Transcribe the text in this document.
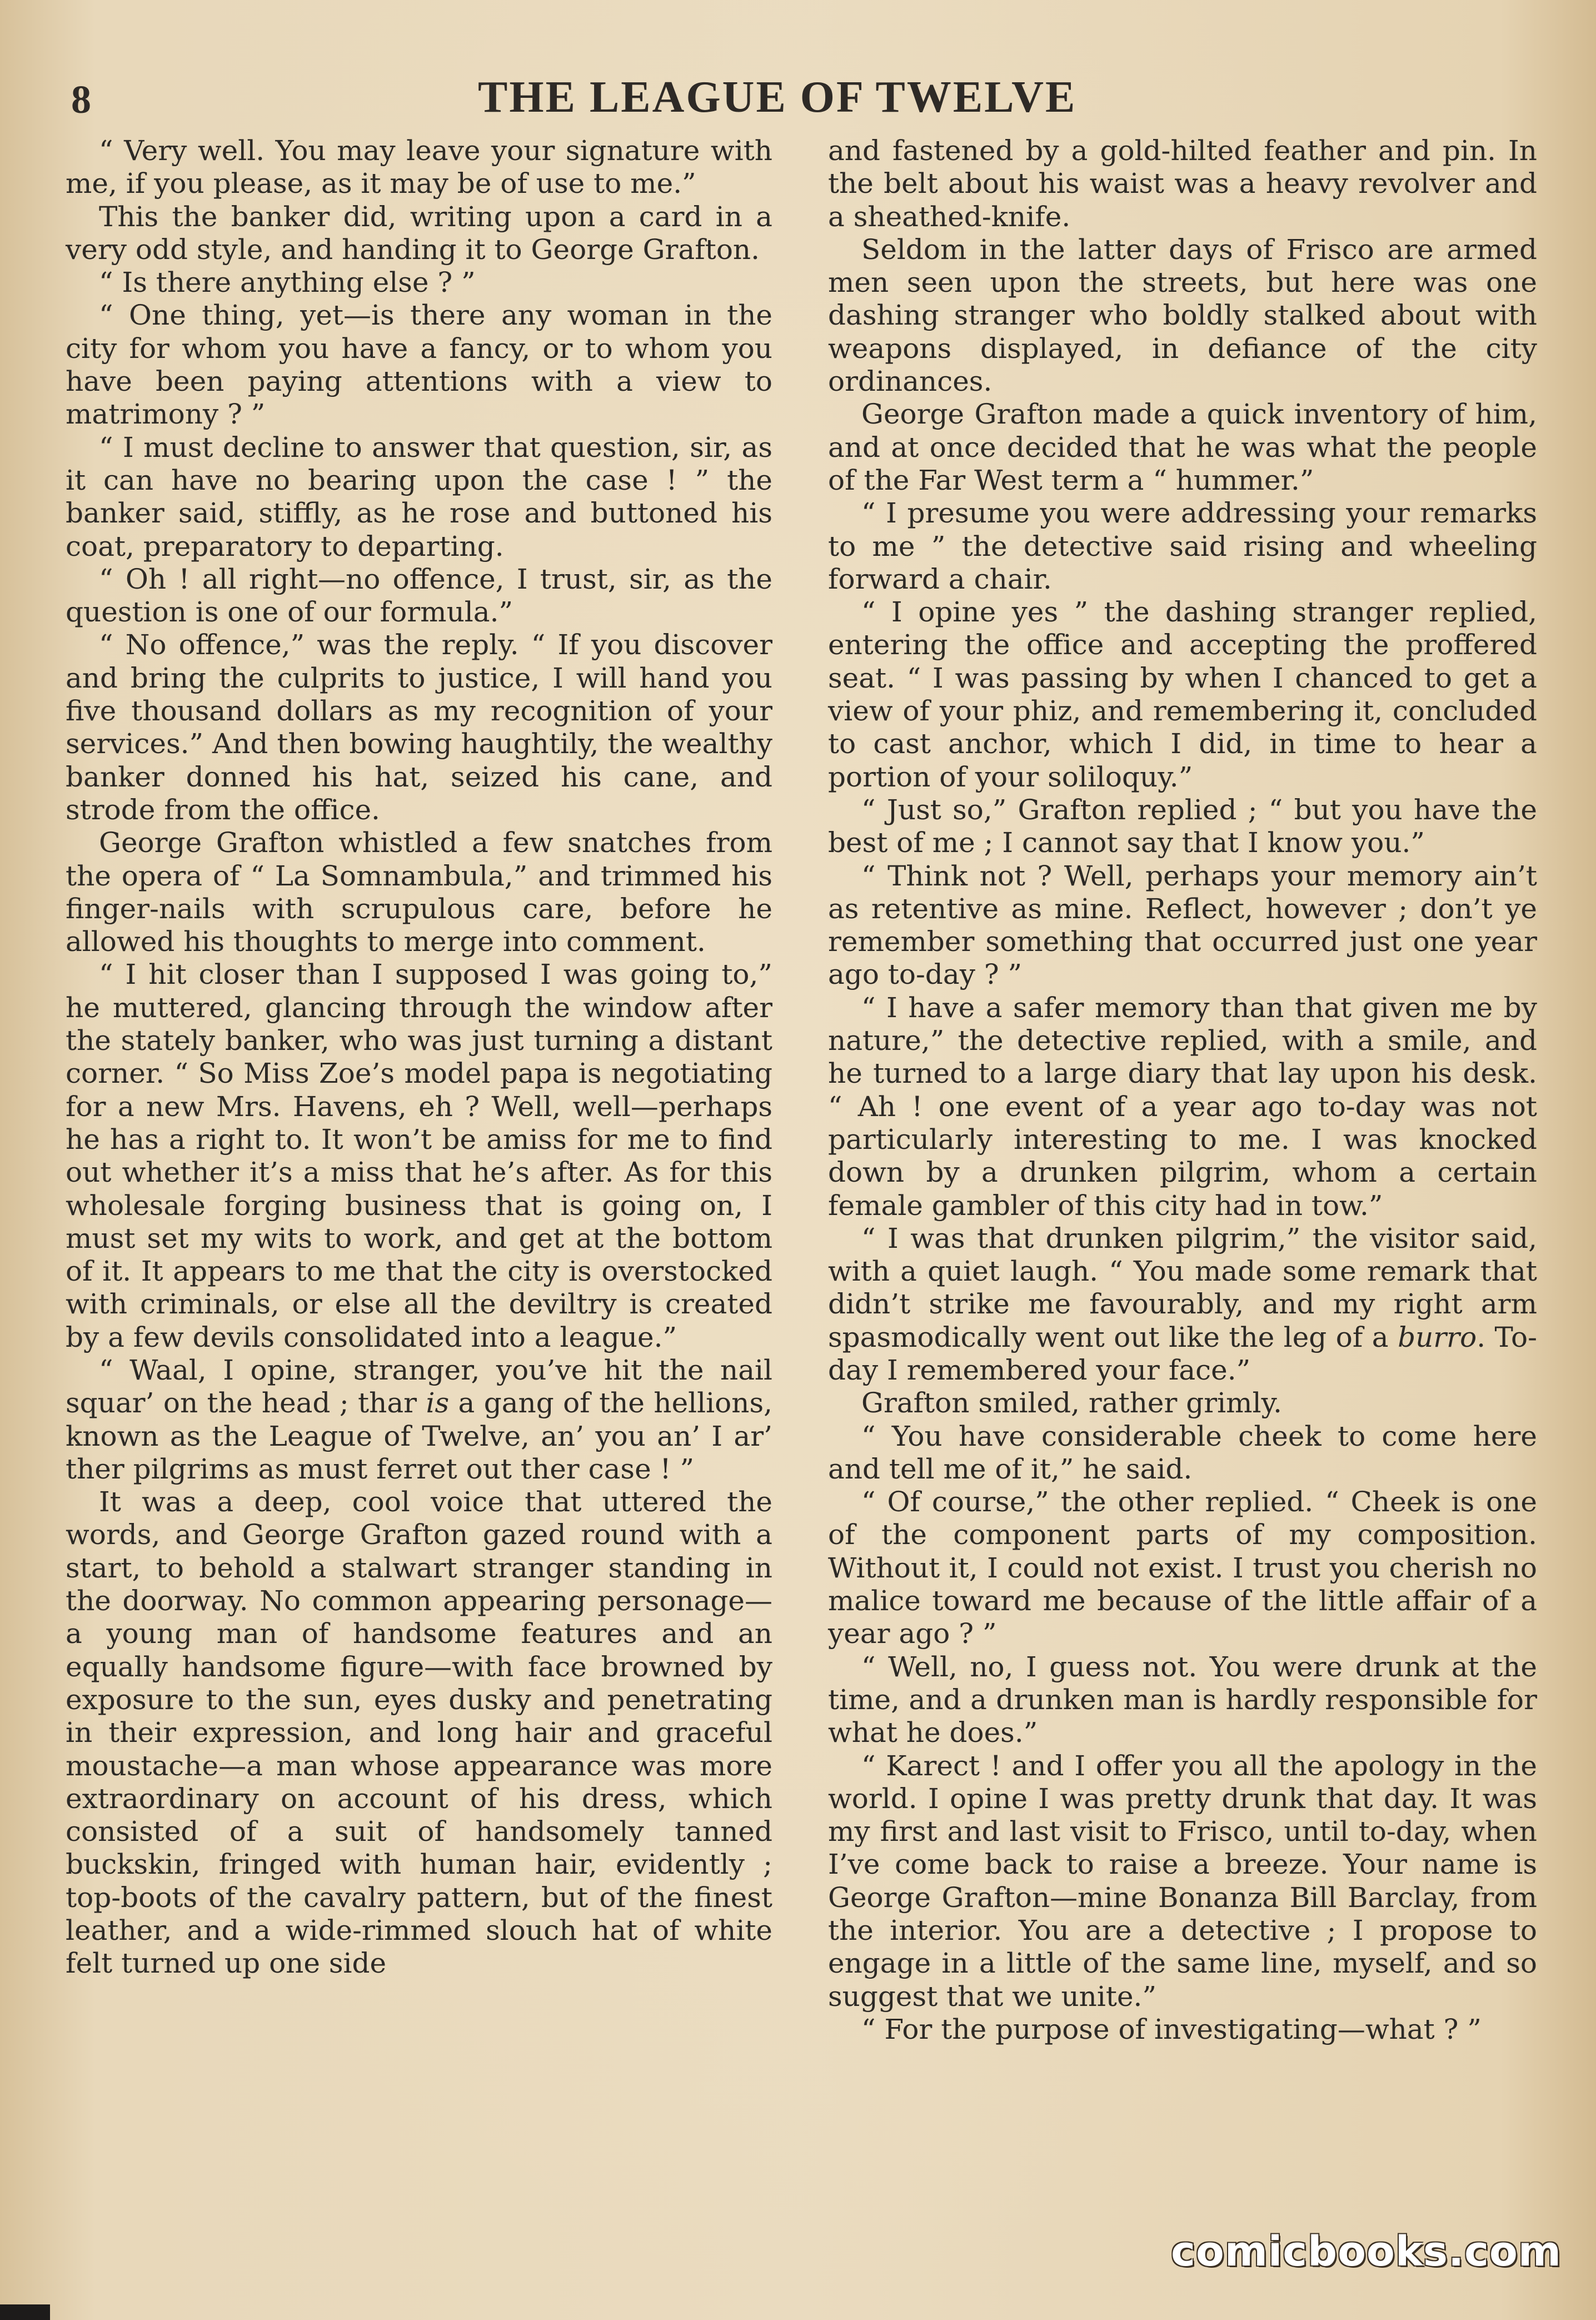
8	THE LEAGUE OF TWELVE

“ Very well. You may leave your signature with me, if you please, as it may be of use to me.”

This the banker did, writing upon a card in a very odd style, and handing it to George Grafton.

“ Is there anything else ? ”

“ One thing, yet—is there any woman in the city for whom you have a fancy, or to whom you have been paying attentions with a view to matrimony ? ”

“ I must decline to answer that question, sir, as it can have no bearing upon the case ! ” the banker said, stiffly, as he rose and buttoned his coat, preparatory to departing.

“ Oh ! all right—no offence, I trust, sir, as the question is one of our formula.”

“ No offence,” was the reply. “ If you discover and bring the culprits to justice, I will hand you five thousand dollars as my recognition of your services.” And then bowing haughtily, the wealthy banker donned his hat, seized his cane, and strode from the office.

George Grafton whistled a few snatches from the opera of “ La Somnambula,” and trimmed his finger-nails with scrupulous care, before he allowed his thoughts to merge into comment.

“ I hit closer than I supposed I was going to,” he muttered, glancing through the window after the stately banker, who was just turning a distant corner. “ So Miss Zoe’s model papa is negotiating for a new Mrs. Havens, eh ? Well, well—perhaps he has a right to. It won’t be amiss for me to find out whether it’s a miss that he’s after. As for this wholesale forging business that is going on, I must set my wits to work, and get at the bottom of it. It appears to me that the city is overstocked with criminals, or else all the deviltry is created by a few devils consolidated into a league.”

“ Waal, I opine, stranger, you’ve hit the nail squar’ on the head ; thar is a gang of the hellions, known as the League of Twelve, an’ you an’ I ar’ ther pilgrims as must ferret out ther case ! ”

It was a deep, cool voice that uttered the words, and George Grafton gazed round with a start, to behold a stalwart stranger standing in the doorway. No common appearing personage—a young man of handsome features and an equally handsome figure—with face browned by exposure to the sun, eyes dusky and penetrating in their expression, and long hair and graceful moustache—a man whose appearance was more extraordinary on account of his dress, which consisted of a suit of handsomely tanned buckskin, fringed with human hair, evidently ; top-boots of the cavalry pattern, but of the finest leather, and a wide-rimmed slouch hat of white felt turned up one side

and fastened by a gold-hilted feather and pin. In the belt about his waist was a heavy revolver and a sheathed-knife.

Seldom in the latter days of Frisco are armed men seen upon the streets, but here was one dashing stranger who boldly stalked about with weapons displayed, in defiance of the city ordinances.

George Grafton made a quick inventory of him, and at once decided that he was what the people of the Far West term a “ hummer.”

“ I presume you were addressing your remarks to me ” the detective said rising and wheeling forward a chair.

“ I opine yes ” the dashing stranger replied, entering the office and accepting the proffered seat. “ I was passing by when I chanced to get a view of your phiz, and remembering it, concluded to cast anchor, which I did, in time to hear a portion of your soliloquy.”

“ Just so,” Grafton replied ; “ but you have the best of me ; I cannot say that I know you.”

“ Think not ? Well, perhaps your memory ain’t as retentive as mine. Reflect, however ; don’t ye remember something that occurred just one year ago to-day ? ”

“ I have a safer memory than that given me by nature,” the detective replied, with a smile, and he turned to a large diary that lay upon his desk. “ Ah ! one event of a year ago to-day was not particularly interesting to me. I was knocked down by a drunken pilgrim, whom a certain female gambler of this city had in tow.”

“ I was that drunken pilgrim,” the visitor said, with a quiet laugh. “ You made some remark that didn’t strike me favourably, and my right arm spasmodically went out like the leg of a burro. To-day I remembered your face.”

Grafton smiled, rather grimly.

“ You have considerable cheek to come here and tell me of it,” he said.

“ Of course,” the other replied. “ Cheek is one of the component parts of my composition. Without it, I could not exist. I trust you cherish no malice toward me because of the little affair of a year ago ? ”

“ Well, no, I guess not. You were drunk at the time, and a drunken man is hardly responsible for what he does.”

“ Karect ! and I offer you all the apology in the world. I opine I was pretty drunk that day. It was my first and last visit to Frisco, until to-day, when I’ve come back to raise a breeze. Your name is George Grafton—mine Bonanza Bill Barclay, from the interior. You are a detective ; I propose to engage in a little of the same line, myself, and so suggest that we unite.”

“ For the purpose of investigating—what ? ”

comicbooks.com
